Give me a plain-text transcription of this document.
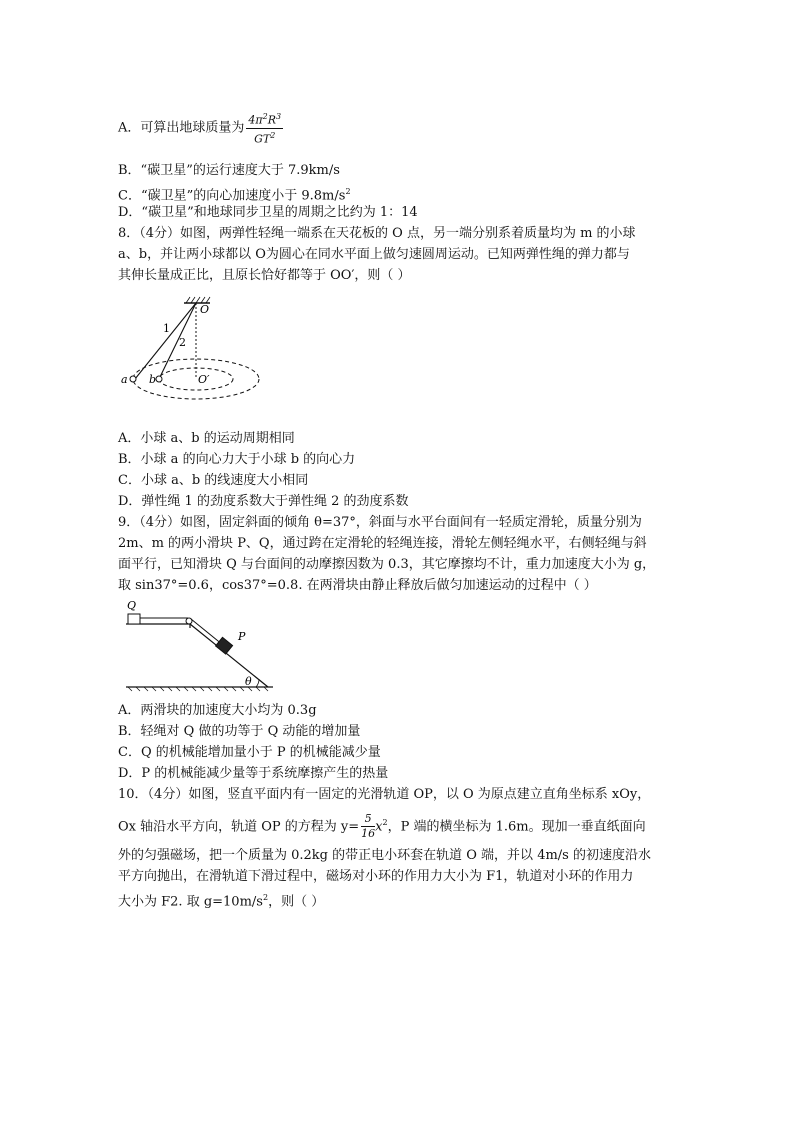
A．可算出地球质量为 $\frac{4\pi^2R^3}{GT^2}$
B．“碳卫星”的运行速度大于 7.9km/s
C．“碳卫星”的向心加速度小于 $9.8m/s^2$
D．“碳卫星”和地球同步卫星的周期之比约为 1：14
8．（4分）如图，两弹性轻绳一端系在天花板的 O 点，另一端分别系着质量均为 m 的小球
a、b，并让两小球都以 O为圆心在同水平面上做匀速圆周运动。已知两弹性绳的弹力都与
其伸长量成正比，且原长恰好都等于 OO′，则（ ）
O
1
2
a b	O′
A．小球 a、b 的运动周期相同
B．小球 a 的向心力大于小球 b 的向心力
C．小球 a、b 的线速度大小相同
D．弹性绳 1 的劲度系数大于弹性绳 2 的劲度系数
9．（4分）如图，固定斜面的倾角 θ=37°，斜面与水平台面间有一轻质定滑轮，质量分别为
2m、m 的两小滑块 P、Q，通过跨在定滑轮的轻绳连接，滑轮左侧轻绳水平，右侧轻绳与斜
面平行，已知滑块 Q 与台面间的动摩擦因数为 0.3，其它摩擦均不计，重力加速度大小为 g，
取 sin37°=0.6，cos37°=0.8. 在两滑块由静止释放后做匀加速运动的过程中（ ）
Q
P
θ
A．两滑块的加速度大小均为 0.3g
B．轻绳对 Q 做的功等于 Q 动能的增加量
C．Q 的机械能增加量小于 P 的机械能减少量
D．P 的机械能减少量等于系统摩擦产生的热量
10．（4分）如图，竖直平面内有一固定的光滑轨道 OP，以 O 为原点建立直角坐标系 xOy，
Ox 轴沿水平方向，轨道 OP 的方程为 $y= \frac{5}{16} x^2$，P 端的横坐标为 1.6m。现加一垂直纸面向
外的匀强磁场，把一个质量为 0.2kg 的带正电小环套在轨道 O 端，并以 4m/s 的初速度沿水
平方向抛出，在滑轨道下滑过程中，磁场对小环的作用力大小为 F1，轨道对小环的作用力
大小为 F2. 取 $g=10m/s^2$，则（ ）
